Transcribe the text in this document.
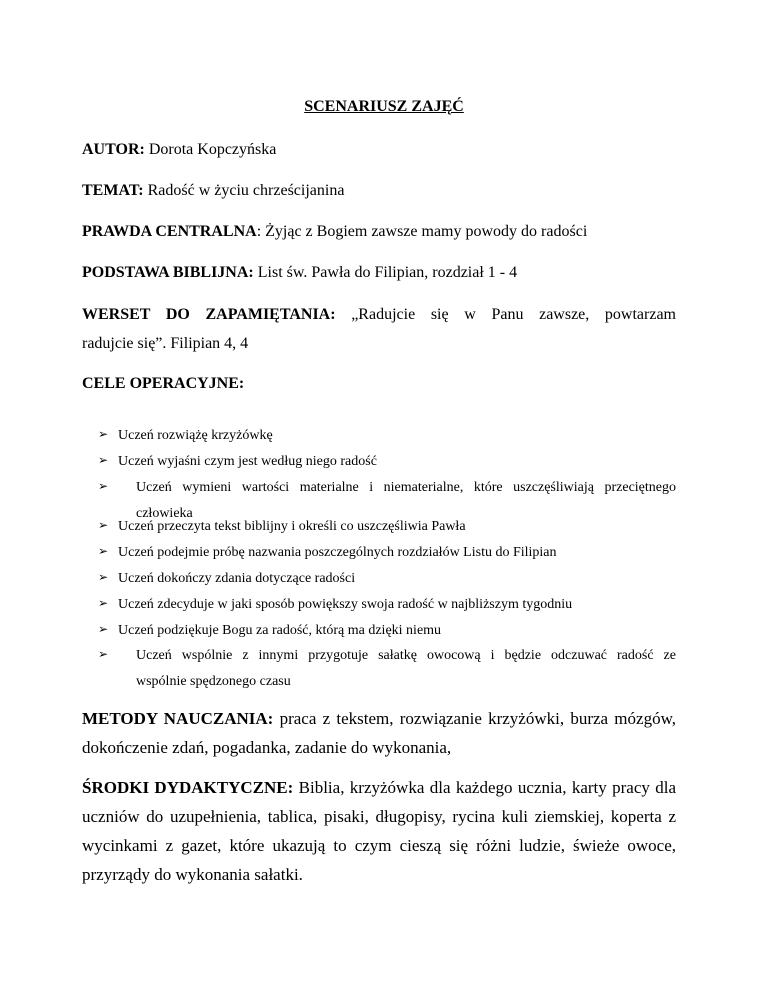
SCENARIUSZ ZAJĘĆ
AUTOR: Dorota Kopczyńska
TEMAT: Radość w życiu chrześcijanina
PRAWDA CENTRALNA: Żyjąc z Bogiem zawsze mamy powody do radości
PODSTAWA BIBLIJNA: List św. Pawła do Filipian, rozdział 1 - 4
WERSET DO ZAPAMIĘTANIA: „Radujcie się w Panu zawsze, powtarzam
radujcie się”. Filipian 4, 4
CELE OPERACYJNE:
➢ Uczeń rozwiążę krzyżówkę
➢ Uczeń wyjaśni czym jest według niego radość
➢ Uczeń wymieni wartości materialne i niematerialne, które uszczęśliwiają przeciętnego
człowieka
➢ Uczeń przeczyta tekst biblijny i określi co uszczęśliwia Pawła
➢ Uczeń podejmie próbę nazwania poszczególnych rozdziałów Listu do Filipian
➢ Uczeń dokończy zdania dotyczące radości
➢ Uczeń zdecyduje w jaki sposób powiększy swoja radość w najbliższym tygodniu
➢ Uczeń podziękuje Bogu za radość, którą ma dzięki niemu
➢ Uczeń wspólnie z innymi przygotuje sałatkę owocową i będzie odczuwać radość ze
wspólnie spędzonego czasu
METODY NAUCZANIA: praca z tekstem, rozwiązanie krzyżówki, burza mózgów,
dokończenie zdań, pogadanka, zadanie do wykonania,
ŚRODKI DYDAKTYCZNE: Biblia, krzyżówka dla każdego ucznia, karty pracy dla
uczniów do uzupełnienia, tablica, pisaki, długopisy, rycina kuli ziemskiej, koperta z
wycinkami z gazet, które ukazują to czym cieszą się różni ludzie, świeże owoce,
przyrządy do wykonania sałatki.
